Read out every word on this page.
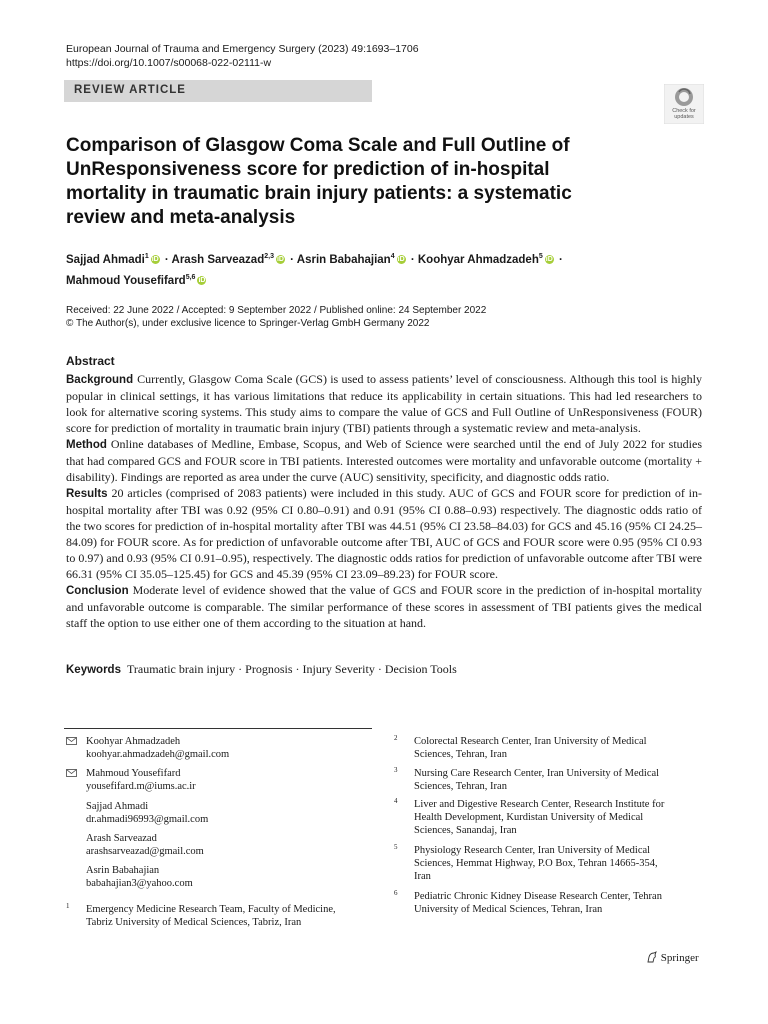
European Journal of Trauma and Emergency Surgery (2023) 49:1693–1706
https://doi.org/10.1007/s00068-022-02111-w
REVIEW ARTICLE
Check for
updates
Comparison of Glasgow Coma Scale and Full Outline of UnResponsiveness score for prediction of in-hospital mortality in traumatic brain injury patients: a systematic review and meta-analysis
Sajjad Ahmadi$^1$ iD · Arash Sarveazad$^{2,3}$ iD · Asrin Babahajian$^4$ iD · Koohyar Ahmadzadeh$^5$ iD ·
Mahmoud Yousefifard$^{5,6}$ iD
Received: 22 June 2022 / Accepted: 9 September 2022 / Published online: 24 September 2022
© The Author(s), under exclusive licence to Springer-Verlag GmbH Germany 2022
Abstract

Background Currently, Glasgow Coma Scale (GCS) is used to assess patients’ level of consciousness. Although this tool is highly popular in clinical settings, it has various limitations that reduce its applicability in certain situations. This had led researchers to look for alternative scoring systems. This study aims to compare the value of GCS and Full Outline of UnResponsiveness (FOUR) score for prediction of mortality in traumatic brain injury (TBI) patients through a systematic review and meta-analysis.

Method Online databases of Medline, Embase, Scopus, and Web of Science were searched until the end of July 2022 for studies that had compared GCS and FOUR score in TBI patients. Interested outcomes were mortality and unfavorable outcome (mortality + disability). Findings are reported as area under the curve (AUC) sensitivity, specificity, and diagnostic odds ratio.

Results 20 articles (comprised of 2083 patients) were included in this study. AUC of GCS and FOUR score for prediction of in-hospital mortality after TBI was 0.92 (95% CI 0.80–0.91) and 0.91 (95% CI 0.88–0.93) respectively. The diagnostic odds ratio of the two scores for prediction of in-hospital mortality after TBI was 44.51 (95% CI 23.58–84.03) for GCS and 45.16 (95% CI 24.25–84.09) for FOUR score. As for prediction of unfavorable outcome after TBI, AUC of GCS and FOUR score were 0.95 (95% CI 0.93 to 0.97) and 0.93 (95% CI 0.91–0.95), respectively. The diagnostic odds ratios for prediction of unfavorable outcome after TBI were 66.31 (95% CI 35.05–125.45) for GCS and 45.39 (95% CI 23.09–89.23) for FOUR score.

Conclusion Moderate level of evidence showed that the value of GCS and FOUR score in the prediction of in-hospital mortality and unfavorable outcome is comparable. The similar performance of these scores in assessment of TBI patients gives the medical staff the option to use either one of them according to the situation at hand.

Keywords Traumatic brain injury · Prognosis · Injury Severity · Decision Tools
Koohyar Ahmadzadeh
koohyar.ahmadzadeh@gmail.com
Mahmoud Yousefifard
yousefifard.m@iums.ac.ir
Sajjad Ahmadi
dr.ahmadi96993@gmail.com
Arash Sarveazad
arashsarveazad@gmail.com
Asrin Babahajian
babahajian3@yahoo.com
1 Emergency Medicine Research Team, Faculty of Medicine, Tabriz University of Medical Sciences, Tabriz, Iran
2 Colorectal Research Center, Iran University of Medical Sciences, Tehran, Iran
3 Nursing Care Research Center, Iran University of Medical Sciences, Tehran, Iran
4 Liver and Digestive Research Center, Research Institute for Health Development, Kurdistan University of Medical Sciences, Sanandaj, Iran
5 Physiology Research Center, Iran University of Medical Sciences, Hemmat Highway, P.O Box, Tehran 14665-354, Iran
6 Pediatric Chronic Kidney Disease Research Center, Tehran University of Medical Sciences, Tehran, Iran
Springer
